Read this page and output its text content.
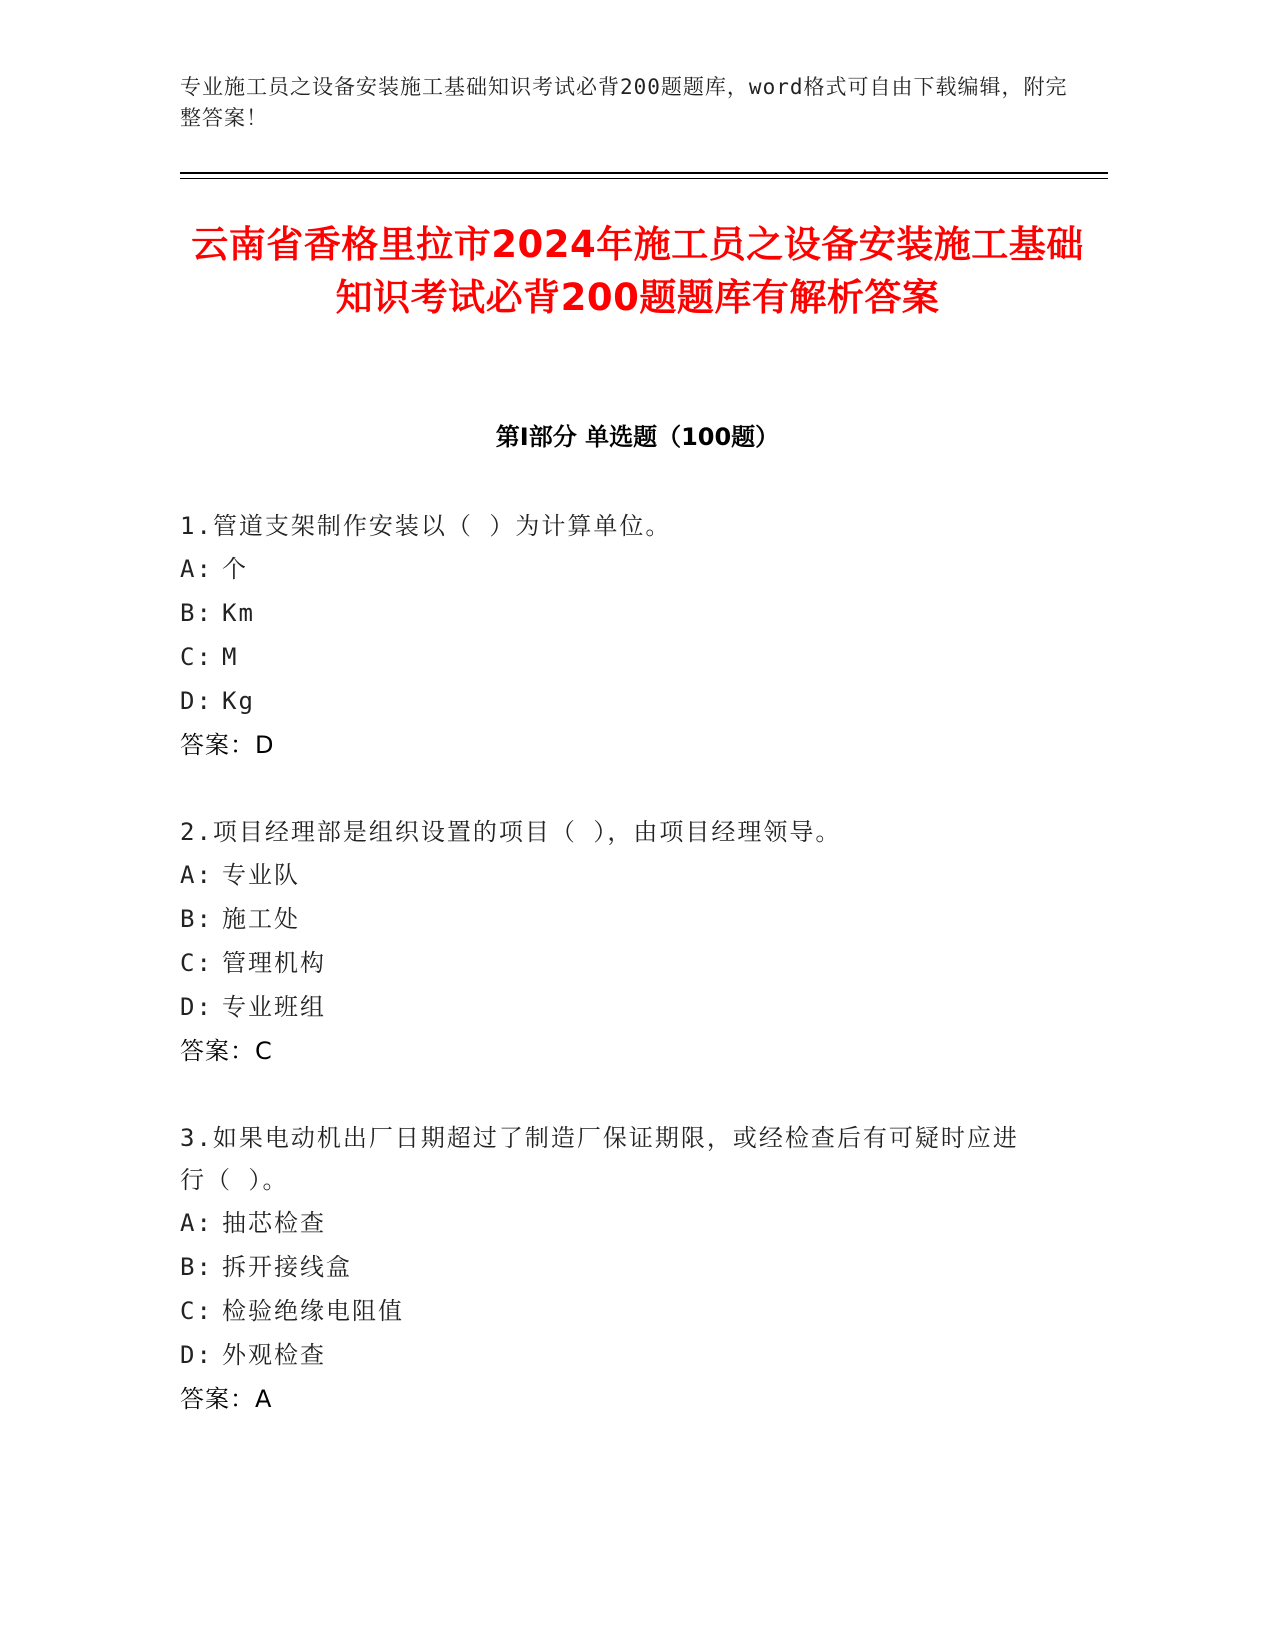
专业施工员之设备安装施工基础知识考试必背200题题库，word格式可自由下载编辑，附完整答案！
云南省香格里拉市2024年施工员之设备安装施工基础知识考试必背200题题库有解析答案
第Ⅰ部分 单选题（100题）
1.管道支架制作安装以（ ）为计算单位。
A: 个
B: Km
C: M
D: Kg
答案：D
2.项目经理部是组织设置的项目（ ），由项目经理领导。
A: 专业队
B: 施工处
C: 管理机构
D: 专业班组
答案：C
3.如果电动机出厂日期超过了制造厂保证期限，或经检查后有可疑时应进行（ ）。
A: 抽芯检查
B: 拆开接线盒
C: 检验绝缘电阻值
D: 外观检查
答案：A
